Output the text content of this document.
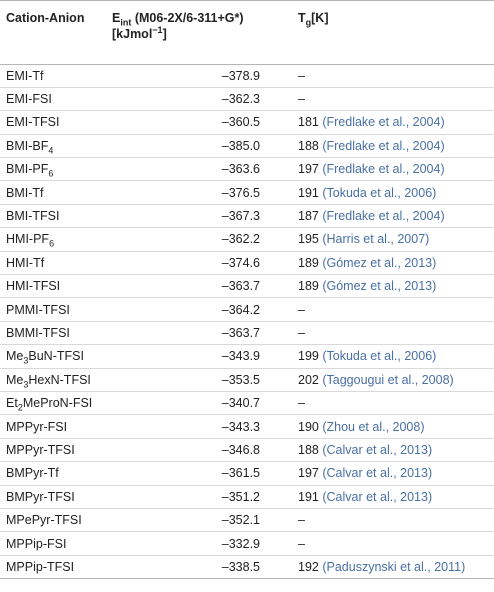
Cation-Anion	$E_{int}$ (M06-2X/6-311+G*)[kJmol$^{-1}$]	$T_g[K]$
EMI-Tf	–378.9	–
EMI-FSI	–362.3	–
EMI-TFSI	–360.5	181 (Fredlake et al., 2004)
BMI-$BF_4$	–385.0	188 (Fredlake et al., 2004)
BMI-$PF_6$	–363.6	197 (Fredlake et al., 2004)
BMI-Tf	–376.5	191 (Tokuda et al., 2006)
BMI-TFSI	–367.3	187 (Fredlake et al., 2004)
HMI-$PF_6$	–362.2	195 (Harris et al., 2007)
HMI-Tf	–374.6	189 (Gómez et al., 2013)
HMI-TFSI	–363.7	189 (Gómez et al., 2013)
PMMI-TFSI	–364.2	–
BMMI-TFSI	–363.7	–
$Me_3BuN$-TFSI	–343.9	199 (Tokuda et al., 2006)
$Me_3HexN$-TFSI	–353.5	202 (Taggougui et al., 2008)
$Et_2MeProN$-FSI	–340.7	–
MPPyr-FSI	–343.3	190 (Zhou et al., 2008)
MPPyr-TFSI	–346.8	188 (Calvar et al., 2013)
BMPyr-Tf	–361.5	197 (Calvar et al., 2013)
BMPyr-TFSI	–351.2	191 (Calvar et al., 2013)
MPePyr-TFSI	–352.1	–
MPPip-FSI	–332.9	–
MPPip-TFSI	–338.5	192 (Paduszynski et al., 2011)
